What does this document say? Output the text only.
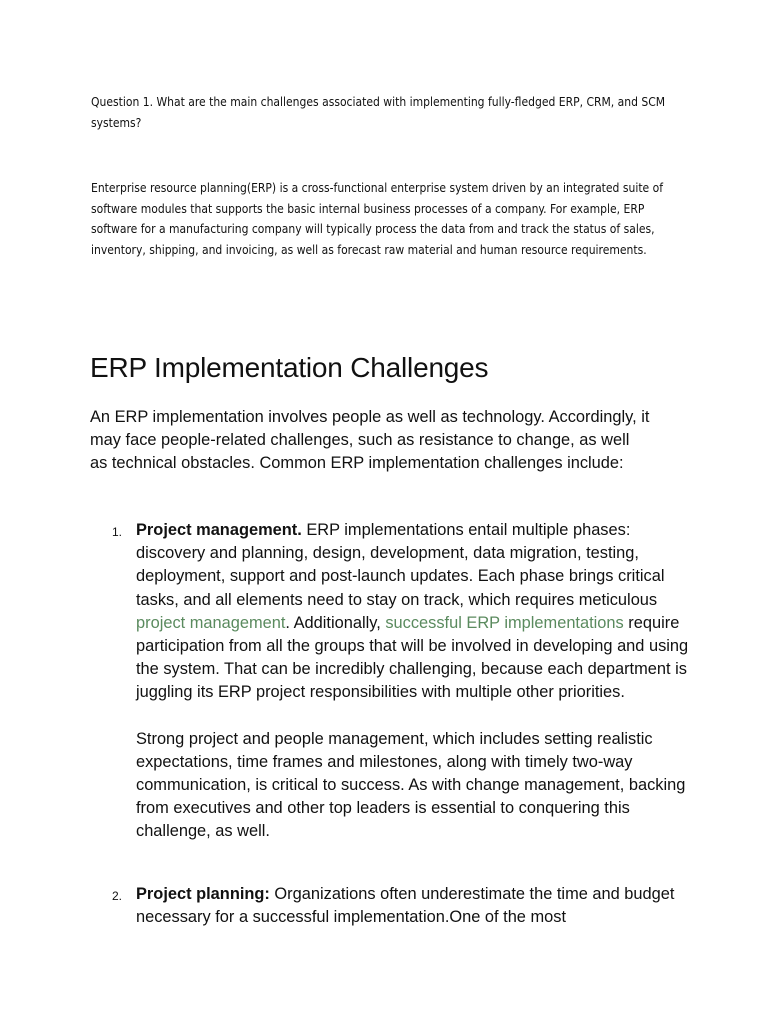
Question 1. What are the main challenges associated with implementing fully-fledged ERP, CRM, and SCM systems?

Enterprise resource planning(ERP) is a cross-functional enterprise system driven by an integrated suite of software modules that supports the basic internal business processes of a company. For example, ERP software for a manufacturing company will typically process the data from and track the status of sales, inventory, shipping, and invoicing, as well as forecast raw material and human resource requirements.

ERP Implementation Challenges

An ERP implementation involves people as well as technology. Accordingly, it may face people-related challenges, such as resistance to change, as well as technical obstacles. Common ERP implementation challenges include:

1. Project management. ERP implementations entail multiple phases: discovery and planning, design, development, data migration, testing, deployment, support and post-launch updates. Each phase brings critical tasks, and all elements need to stay on track, which requires meticulous project management. Additionally, successful ERP implementations require participation from all the groups that will be involved in developing and using the system. That can be incredibly challenging, because each department is juggling its ERP project responsibilities with multiple other priorities.

Strong project and people management, which includes setting realistic expectations, time frames and milestones, along with timely two-way communication, is critical to success. As with change management, backing from executives and other top leaders is essential to conquering this challenge, as well.

2. Project planning: Organizations often underestimate the time and budget necessary for a successful implementation.One of the most
